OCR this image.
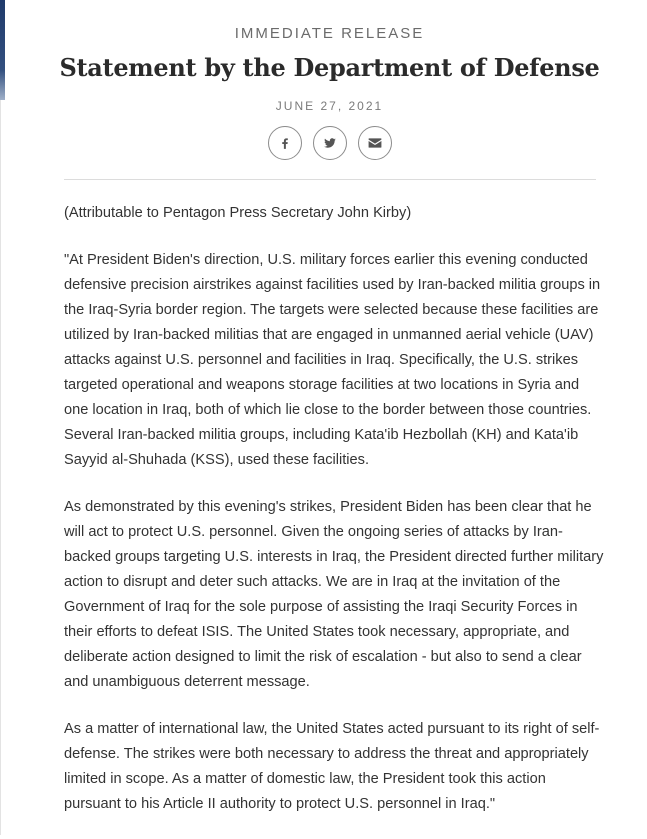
IMMEDIATE RELEASE

Statement by the Department of Defense

JUNE 27, 2021

(Attributable to Pentagon Press Secretary John Kirby)

"At President Biden's direction, U.S. military forces earlier this evening conducted defensive precision airstrikes against facilities used by Iran-backed militia groups in the Iraq-Syria border region. The targets were selected because these facilities are utilized by Iran-backed militias that are engaged in unmanned aerial vehicle (UAV) attacks against U.S. personnel and facilities in Iraq. Specifically, the U.S. strikes targeted operational and weapons storage facilities at two locations in Syria and one location in Iraq, both of which lie close to the border between those countries. Several Iran-backed militia groups, including Kata'ib Hezbollah (KH) and Kata'ib Sayyid al-Shuhada (KSS), used these facilities.

As demonstrated by this evening's strikes, President Biden has been clear that he will act to protect U.S. personnel. Given the ongoing series of attacks by Iran-backed groups targeting U.S. interests in Iraq, the President directed further military action to disrupt and deter such attacks. We are in Iraq at the invitation of the Government of Iraq for the sole purpose of assisting the Iraqi Security Forces in their efforts to defeat ISIS. The United States took necessary, appropriate, and deliberate action designed to limit the risk of escalation - but also to send a clear and unambiguous deterrent message.

As a matter of international law, the United States acted pursuant to its right of self-defense. The strikes were both necessary to address the threat and appropriately limited in scope. As a matter of domestic law, the President took this action pursuant to his Article II authority to protect U.S. personnel in Iraq."
